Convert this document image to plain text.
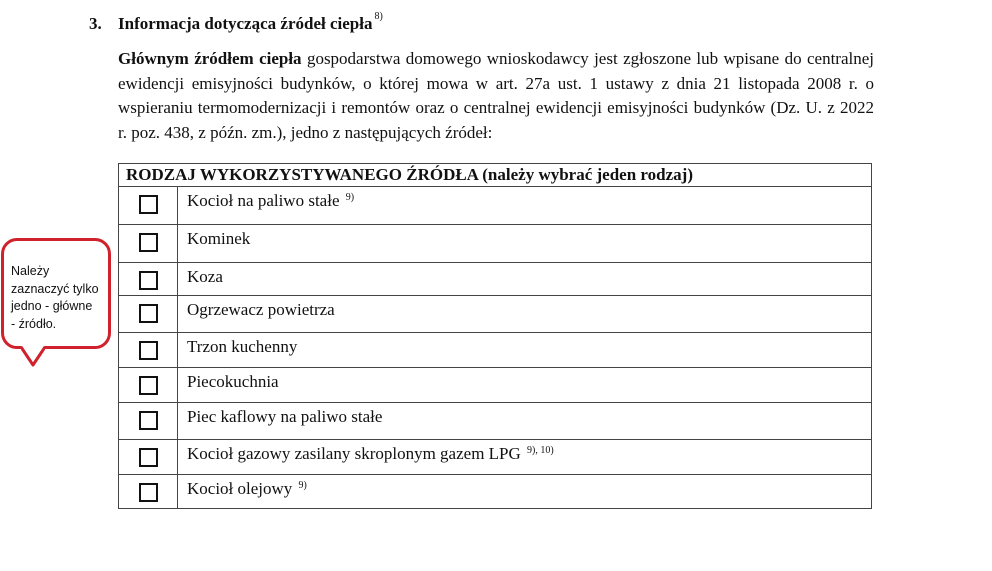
3. Informacja dotycząca źródeł ciepła $^{8)}$
Głównym źródłem ciepła gospodarstwa domowego wnioskodawcy jest zgłoszone lub wpisane do centralnej ewidencji emisyjności budynków, o której mowa w art. 27a ust. 1 ustawy z dnia 21 listopada 2008 r. o wspieraniu termomodernizacji i remontów oraz o centralnej ewidencji emisyjności budynków (Dz. U. z 2022 r. poz. 438, z późn. zm.), jedno z następujących źródeł:
RODZAJ WYKORZYSTYWANEGO ŹRÓDŁA (należy wybrać jeden rodzaj)	
	Kocioł na paliwo stałe $^{9)}$
	Kominek
	Koza
	Ogrzewacz powietrza
	Trzon kuchenny
	Piecokuchnia
	Piec kaflowy na paliwo stałe
	Kocioł gazowy zasilany skroplonym gazem LPG $^{9), 10)}$
	Kocioł olejowy $^{9)}$
Należy
zaznaczyć tylko
jedno - główne
- źródło.
